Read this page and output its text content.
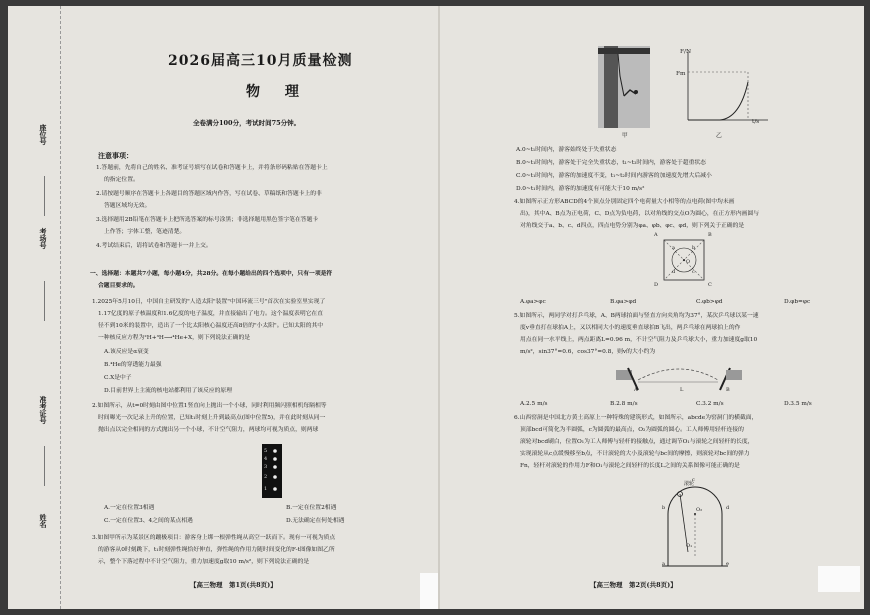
座位号
考场号
准考证号
姓名
2026届高三10月质量检测
物 理
全卷满分100分，考试时间75分钟。
注意事项：
1.答题前，先将自己的姓名、准考证号填写在试卷和答题卡上，并将条形码粘贴在答题卡上
的指定位置。
2.请按题号顺序在答题卡上各题目的答题区域内作答，写在试卷、草稿纸和答题卡上的非
答题区域均无效。
3.选择题用2B铅笔在答题卡上把所选答案的标号涂黑；非选择题用黑色签字笔在答题卡
上作答；字体工整，笔迹清楚。
4.考试结束后，请将试卷和答题卡一并上交。
一、选择题：本题共7小题，每小题4分，共28分。在每小题给出的四个选项中，只有一项是符
合题目要求的。
1.2025年5月10日，中国自主研发的"人造太阳"装置"中国环流三号"首次在实验室里实现了
1.17亿度的原子核温度和1.6亿度的电子温度，并直接输出了电力。这个温度表明它在直
径不到10米的装置中，造出了一个比太阳核心温度还高8倍的"小太阳"。已知太阳的其中
一种核反应方程为²H+³H⟶⁴He+X，则下列说法正确的是
A.该反应是α衰变
B.⁴He的穿透能力最强
C.X是中子
D.目前世界上主流的核电站都利用了该反应的原理
2.如图所示，从t=0时刻由图中位置1竖直向上抛出一个小球，同时利用频闪照相机每隔相等
时间曝光一次记录上升的位置，已知t₁时刻上升到最高点(图中位置5)，并在此时刻从同一
抛出点以完全相同的方式抛出另一个小球，不计空气阻力，两球均可视为质点，则两球
5
4
3
2
1
A.一定在位置3相遇	B.一定在位置2相遇
C.一定在位置3、4之间的某点相遇	D.无法确定在何处相遇
3.如图甲所示为某景区的蹦极项目：游客身上绑一根弹性绳从高空一跃而下。现有一可视为质点
的游客从0时刻跳下，t₁时刻弹性绳恰好伸直，弹性绳的作用力随时间变化的F-t图像如图乙所
示，整个下落过程中不计空气阻力，重力加速度g取10 m/s²，则下列说法正确的是
【高三物理　第1页(共8页)】
甲
F/N
Fm
t/s
乙
A.0~t₁时间内，游客始终处于失重状态
B.0~t₁时间内，游客处于完全失重状态，t₁~t₂时间内，游客处于超重状态
C.0~t₁时间内，游客的加速度不变，t₁~t₂时间内游客的加速度先增大后减小
D.0~t₁时间内，游客的加速度有可能大于10 m/s²
4.如图所示正方形ABCD的4个顶点分别固定四个电荷量大小相等的点电荷(图中均未画
出)，其中A、B点为正电荷，C、D点为负电荷，以对角线的交点O为圆心，在正方形内画圆与
对角线交于a、b、c、d四点，四点电势分别为φa、φb、φc、φd，则下列关于正确的是
A	B
C
D
O
a	b
c
d
A.φa>φc	B.φa>φd	C.φb>φd	D.φb=φc
5.如图所示，两同学对打乒乓球，A、B两球拍面与竖直方向夹角均为37°，某次乒乓球以某一速
度v垂直打在球拍A上，又以相同大小的速度垂直球拍B飞出，两乒乓球在两球拍上的作
用点在同一水平线上，两点距离L=0.96 m，不计空气阻力及乒乓球大小，重力加速度g取10
m/s²，sin37°=0.6，cos37°=0.8，则v的大小约为
A	B
L
A.2.5 m/s	B.2.8 m/s	C.3.2 m/s	D.3.5 m/s
6.山西窑洞是中国北方黄土高原上一种特殊的建筑形式，如图所示，abcde为窑洞门的横截面，
顶部bcd可简化为半圆弧，c为圆弧的最高点，O₂为圆弧的圆心。工人师傅用轻杆连接的
滚轮对bcd刷白，位置O₁为工人师傅与轻杆的接触点，通过调节O₁与滚轮之间轻杆的长度，
实现滚轮从c点缓慢移至b点，不计滚轮的大小及滚轮与bc间的摩擦，则滚轮对bc间的弹力
Fn，轻杆对滚轮的作用力F和O₁与滚轮之间轻杆的长度L之间的关系图像可能正确的是
滚轮
O₂
O₁
b
c
d
a	e
【高三物理　第2页(共8页)】
